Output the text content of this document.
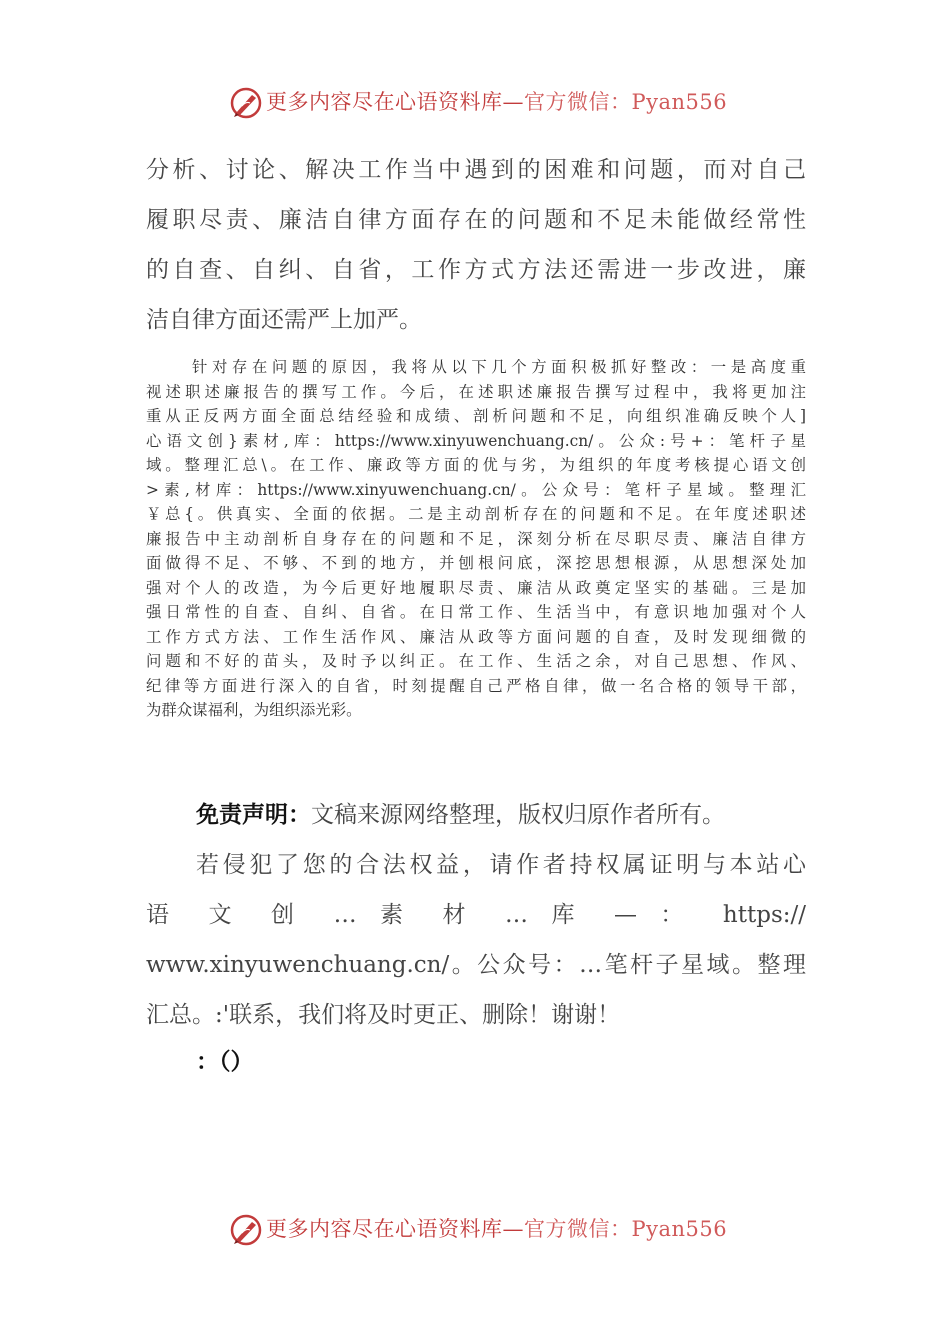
更多内容尽在心语资料库—官方微信：Pyan556

分析、讨论、解决工作当中遇到的困难和问题，而对自己

履职尽责、廉洁自律方面存在的问题和不足未能做经常性

的自查、自纠、自省，工作方式方法还需进一步改进，廉

洁自律方面还需严上加严。

针对存在问题的原因，我将从以下几个方面积极抓好整改：一是高度重

视述职述廉报告的撰写工作。今后，在述职述廉报告撰写过程中，我将更加注

重从正反两方面全面总结经验和成绩、剖析问题和不足，向组织准确反映个人]

心语文创}素材,库：https://www.xinyuwenchuang.cn/。公众:号+：笔杆子星

域。整理汇总\。在工作、廉政等方面的优与劣，为组织的年度考核提心语文创

>素,材库：https://www.xinyuwenchuang.cn/。公众号：笔杆子星域。整理汇

￥总{。供真实、全面的依据。二是主动剖析存在的问题和不足。在年度述职述

廉报告中主动剖析自身存在的问题和不足，深刻分析在尽职尽责、廉洁自律方

面做得不足、不够、不到的地方，并刨根问底，深挖思想根源，从思想深处加

强对个人的改造，为今后更好地履职尽责、廉洁从政奠定坚实的基础。三是加

强日常性的自查、自纠、自省。在日常工作、生活当中，有意识地加强对个人

工作方式方法、工作生活作风、廉洁从政等方面问题的自查，及时发现细微的

问题和不好的苗头，及时予以纠正。在工作、生活之余，对自己思想、作风、

纪律等方面进行深入的自省，时刻提醒自己严格自律，做一名合格的领导干部，

为群众谋福利，为组织添光彩。

免责声明：文稿来源网络整理，版权归原作者所有。

若侵犯了您的合法权益，请作者持权属证明与本站心

语 文 创 … 素 材 … 库 — ： https://

www.xinyuwenchuang.cn/。公众号：…笔杆子星域。整理

汇总。:'联系，我们将及时更正、删除！谢谢！

：（）
更多内容尽在心语资料库—官方微信：Pyan556
